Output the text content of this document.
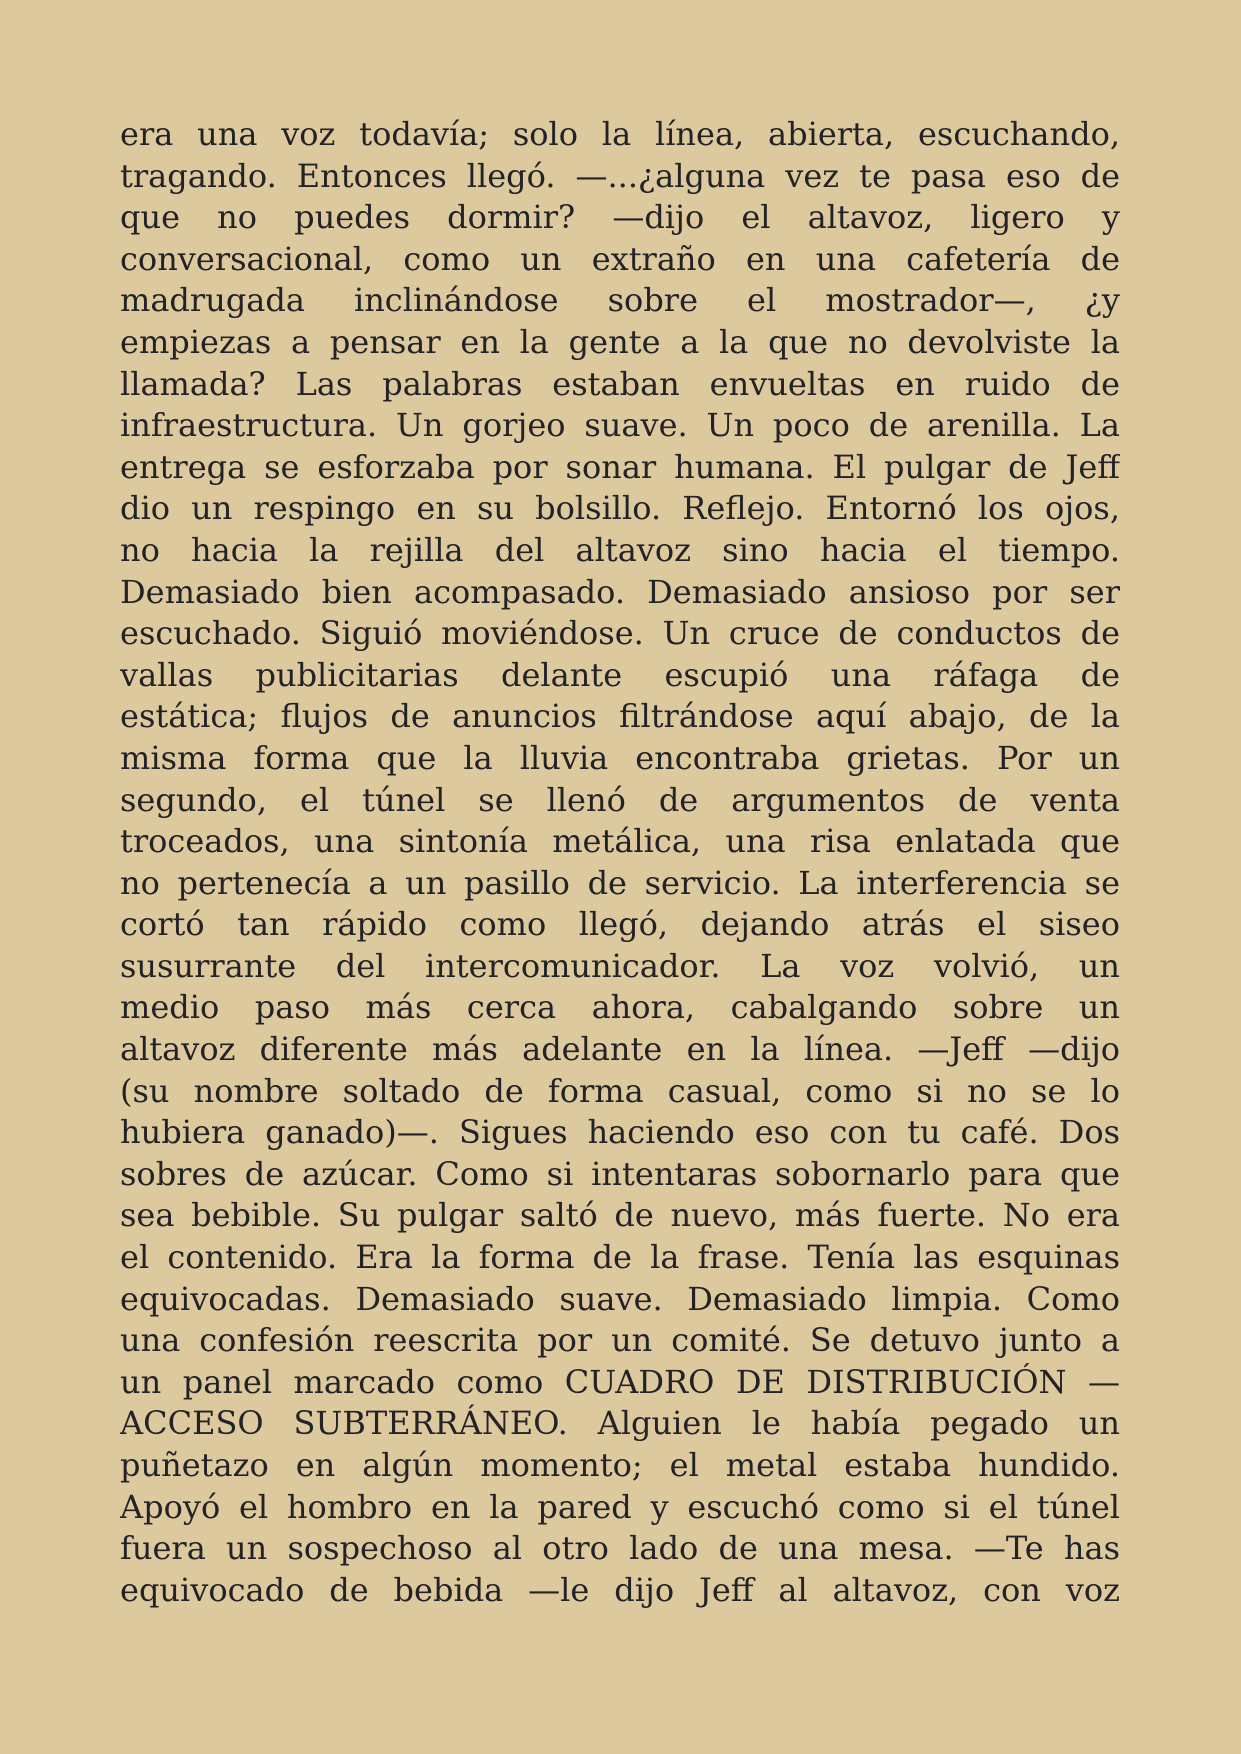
era una voz todavía; solo la línea, abierta, escuchando,
tragando. Entonces llegó. —...¿alguna vez te pasa eso de
que no puedes dormir? —dijo el altavoz, ligero y
conversacional, como un extraño en una cafetería de
madrugada inclinándose sobre el mostrador—, ¿y
empiezas a pensar en la gente a la que no devolviste la
llamada? Las palabras estaban envueltas en ruido de
infraestructura. Un gorjeo suave. Un poco de arenilla. La
entrega se esforzaba por sonar humana. El pulgar de Jeff
dio un respingo en su bolsillo. Reflejo. Entornó los ojos,
no hacia la rejilla del altavoz sino hacia el tiempo.
Demasiado bien acompasado. Demasiado ansioso por ser
escuchado. Siguió moviéndose. Un cruce de conductos de
vallas publicitarias delante escupió una ráfaga de
estática; flujos de anuncios filtrándose aquí abajo, de la
misma forma que la lluvia encontraba grietas. Por un
segundo, el túnel se llenó de argumentos de venta
troceados, una sintonía metálica, una risa enlatada que
no pertenecía a un pasillo de servicio. La interferencia se
cortó tan rápido como llegó, dejando atrás el siseo
susurrante del intercomunicador. La voz volvió, un
medio paso más cerca ahora, cabalgando sobre un
altavoz diferente más adelante en la línea. —Jeff —dijo
(su nombre soltado de forma casual, como si no se lo
hubiera ganado)—. Sigues haciendo eso con tu café. Dos
sobres de azúcar. Como si intentaras sobornarlo para que
sea bebible. Su pulgar saltó de nuevo, más fuerte. No era
el contenido. Era la forma de la frase. Tenía las esquinas
equivocadas. Demasiado suave. Demasiado limpia. Como
una confesión reescrita por un comité. Se detuvo junto a
un panel marcado como CUADRO DE DISTRIBUCIÓN —
ACCESO SUBTERRÁNEO. Alguien le había pegado un
puñetazo en algún momento; el metal estaba hundido.
Apoyó el hombro en la pared y escuchó como si el túnel
fuera un sospechoso al otro lado de una mesa. —Te has
equivocado de bebida —le dijo Jeff al altavoz, con voz
